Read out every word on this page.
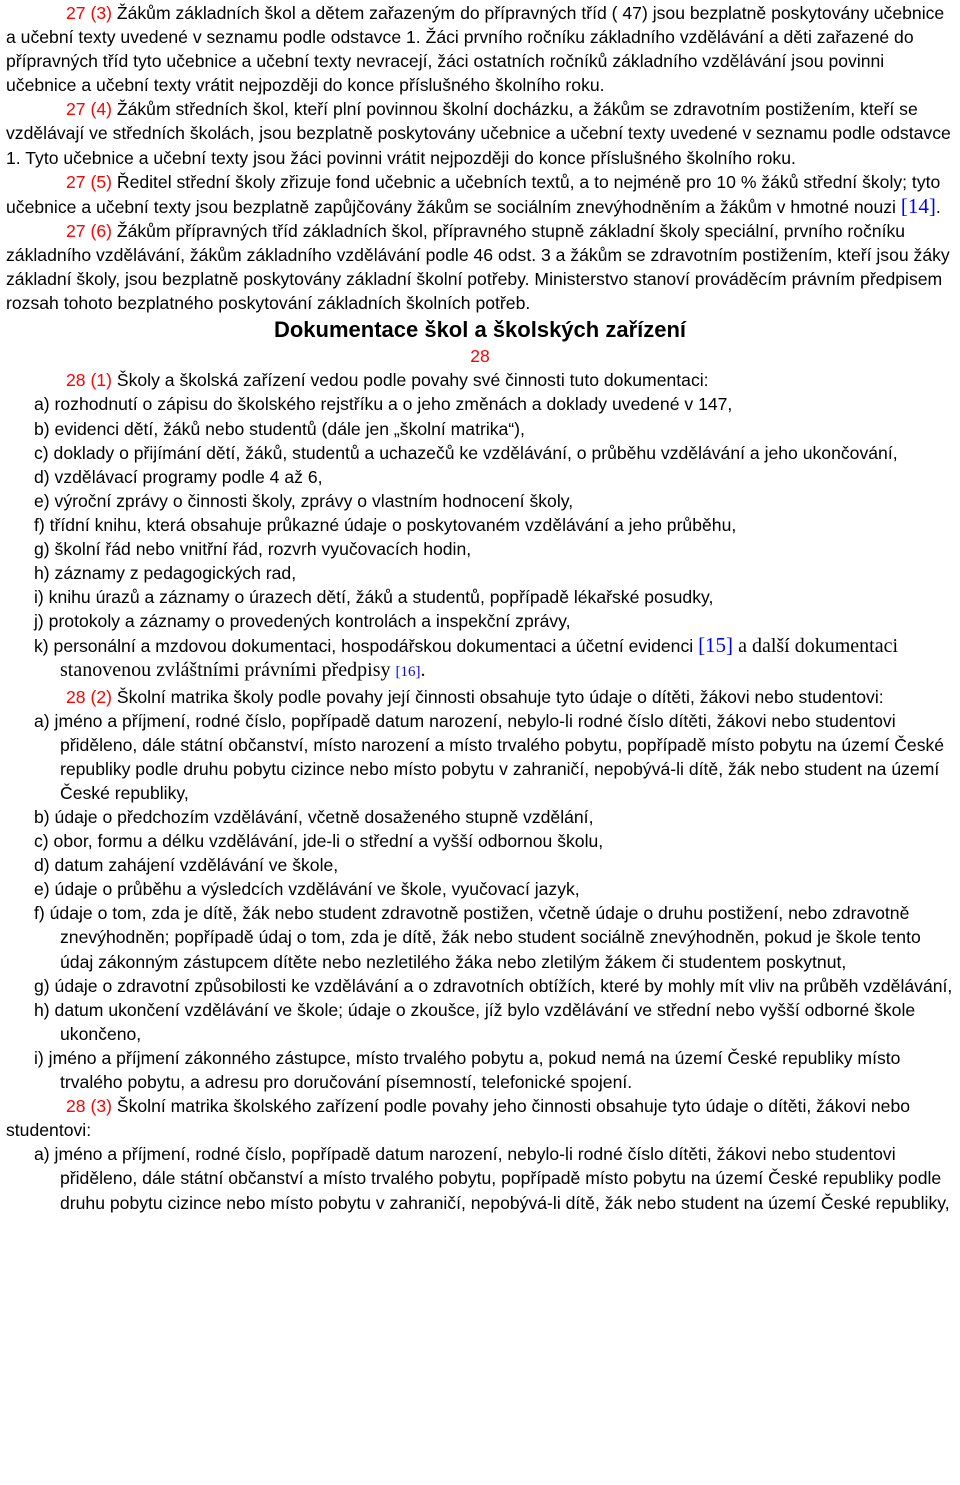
27 (3) Žákům základních škol a dětem zařazeným do přípravných tříd ( 47) jsou bezplatně poskytovány učebnice a učební texty uvedené v seznamu podle odstavce 1. Žáci prvního ročníku základního vzdělávání a děti zařazené do přípravných tříd tyto učebnice a učební texty nevracejí, žáci ostatních ročníků základního vzdělávání jsou povinni učebnice a učební texty vrátit nejpozději do konce příslušného školního roku.

27 (4) Žákům středních škol, kteří plní povinnou školní docházku, a žákům se zdravotním postižením, kteří se vzdělávají ve středních školách, jsou bezplatně poskytovány učebnice a učební texty uvedené v seznamu podle odstavce 1. Tyto učebnice a učební texty jsou žáci povinni vrátit nejpozději do konce příslušného školního roku.

27 (5) Ředitel střední školy zřizuje fond učebnic a učebních textů, a to nejméně pro 10 % žáků střední školy; tyto učebnice a učební texty jsou bezplatně zapůjčovány žákům se sociálním znevýhodněním a žákům v hmotné nouzi [14].

27 (6) Žákům přípravných tříd základních škol, přípravného stupně základní školy speciální, prvního ročníku základního vzdělávání, žákům základního vzdělávání podle 46 odst. 3 a žákům se zdravotním postižením, kteří jsou žáky základní školy, jsou bezplatně poskytovány základní školní potřeby. Ministerstvo stanoví prováděcím právním předpisem rozsah tohoto bezplatného poskytování základních školních potřeb.

Dokumentace škol a školských zařízení

28

28 (1) Školy a školská zařízení vedou podle povahy své činnosti tuto dokumentaci:

a) rozhodnutí o zápisu do školského rejstříku a o jeho změnách a doklady uvedené v 147,
b) evidenci dětí, žáků nebo studentů (dále jen „školní matrika“),
c) doklady o přijímání dětí, žáků, studentů a uchazečů ke vzdělávání, o průběhu vzdělávání a jeho ukončování,
d) vzdělávací programy podle 4 až 6,
e) výroční zprávy o činnosti školy, zprávy o vlastním hodnocení školy,
f) třídní knihu, která obsahuje průkazné údaje o poskytovaném vzdělávání a jeho průběhu,
g) školní řád nebo vnitřní řád, rozvrh vyučovacích hodin,
h) záznamy z pedagogických rad,
i) knihu úrazů a záznamy o úrazech dětí, žáků a studentů, popřípadě lékařské posudky,
j) protokoly a záznamy o provedených kontrolách a inspekční zprávy,
k) personální a mzdovou dokumentaci, hospodářskou dokumentaci a účetní evidenci [15] a další dokumentaci stanovenou zvláštními právními předpisy [16].

28 (2) Školní matrika školy podle povahy její činnosti obsahuje tyto údaje o dítěti, žákovi nebo studentovi:

a) jméno a příjmení, rodné číslo, popřípadě datum narození, nebylo-li rodné číslo dítěti, žákovi nebo studentovi přiděleno, dále státní občanství, místo narození a místo trvalého pobytu, popřípadě místo pobytu na území České republiky podle druhu pobytu cizince nebo místo pobytu v zahraničí, nepobývá-li dítě, žák nebo student na území České republiky,
b) údaje o předchozím vzdělávání, včetně dosaženého stupně vzdělání,
c) obor, formu a délku vzdělávání, jde-li o střední a vyšší odbornou školu,
d) datum zahájení vzdělávání ve škole,
e) údaje o průběhu a výsledcích vzdělávání ve škole, vyučovací jazyk,
f) údaje o tom, zda je dítě, žák nebo student zdravotně postižen, včetně údaje o druhu postižení, nebo zdravotně znevýhodněn; popřípadě údaj o tom, zda je dítě, žák nebo student sociálně znevýhodněn, pokud je škole tento údaj zákonným zástupcem dítěte nebo nezletilého žáka nebo zletilým žákem či studentem poskytnut,
g) údaje o zdravotní způsobilosti ke vzdělávání a o zdravotních obtížích, které by mohly mít vliv na průběh vzdělávání,
h) datum ukončení vzdělávání ve škole; údaje o zkoušce, jíž bylo vzdělávání ve střední nebo vyšší odborné škole ukončeno,
i) jméno a příjmení zákonného zástupce, místo trvalého pobytu a, pokud nemá na území České republiky místo trvalého pobytu, a adresu pro doručování písemností, telefonické spojení.

28 (3) Školní matrika školského zařízení podle povahy jeho činnosti obsahuje tyto údaje o dítěti, žákovi nebo studentovi:

a) jméno a příjmení, rodné číslo, popřípadě datum narození, nebylo-li rodné číslo dítěti, žákovi nebo studentovi přiděleno, dále státní občanství a místo trvalého pobytu, popřípadě místo pobytu na území České republiky podle druhu pobytu cizince nebo místo pobytu v zahraničí, nepobývá-li dítě, žák nebo student na území České republiky,
